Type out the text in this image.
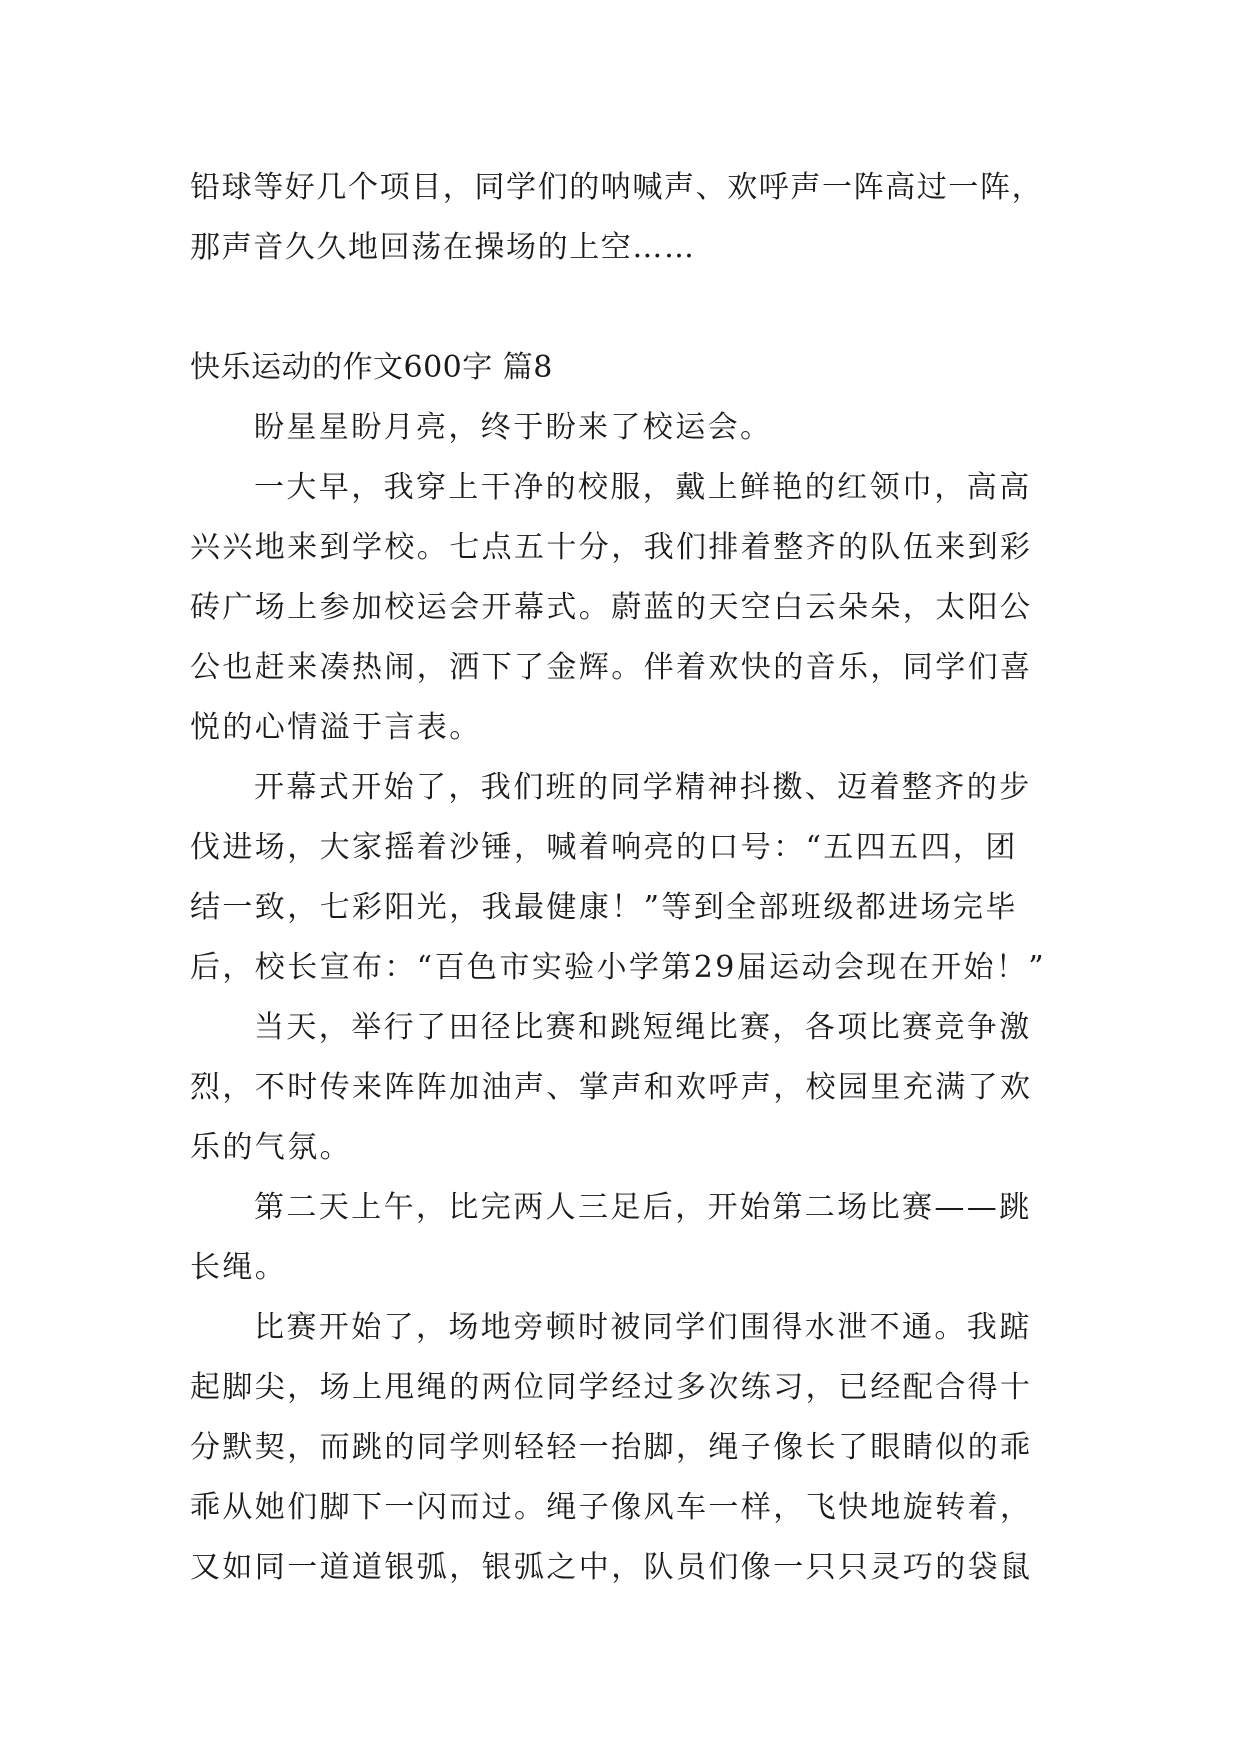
铅球等好几个项目，同学们的呐喊声、欢呼声一阵高过一阵，
那声音久久地回荡在操场的上空……
快乐运动的作文600字 篇8
盼星星盼月亮，终于盼来了校运会。
一大早，我穿上干净的校服，戴上鲜艳的红领巾，高高
兴兴地来到学校。七点五十分，我们排着整齐的队伍来到彩
砖广场上参加校运会开幕式。蔚蓝的天空白云朵朵，太阳公
公也赶来凑热闹，洒下了金辉。伴着欢快的音乐，同学们喜
悦的心情溢于言表。
开幕式开始了，我们班的同学精神抖擞、迈着整齐的步
伐进场，大家摇着沙锤，喊着响亮的口号：“五四五四，团
结一致，七彩阳光，我最健康！”等到全部班级都进场完毕
后，校长宣布：“百色市实验小学第29届运动会现在开始！”
当天，举行了田径比赛和跳短绳比赛，各项比赛竞争激
烈，不时传来阵阵加油声、掌声和欢呼声，校园里充满了欢
乐的气氛。
第二天上午，比完两人三足后，开始第二场比赛——跳
长绳。
比赛开始了，场地旁顿时被同学们围得水泄不通。我踮
起脚尖，场上甩绳的两位同学经过多次练习，已经配合得十
分默契，而跳的同学则轻轻一抬脚，绳子像长了眼睛似的乖
乖从她们脚下一闪而过。绳子像风车一样，飞快地旋转着，
又如同一道道银弧，银弧之中，队员们像一只只灵巧的袋鼠
